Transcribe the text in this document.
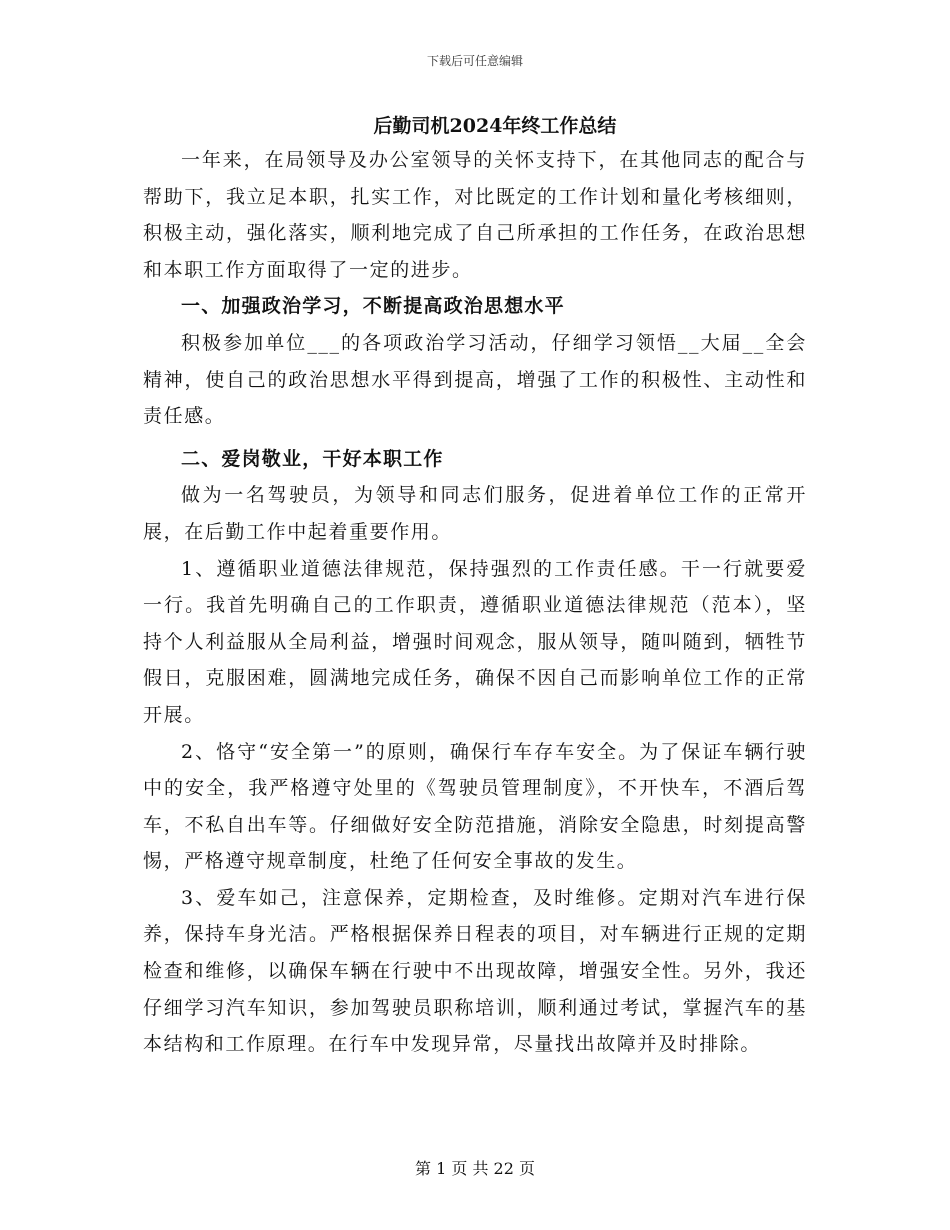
下载后可任意编辑
后勤司机2024年终工作总结

一年来，在局领导及办公室领导的关怀支持下，在其他同志的配合与帮助下，我立足本职，扎实工作，对比既定的工作计划和量化考核细则，积极主动，强化落实，顺利地完成了自己所承担的工作任务，在政治思想和本职工作方面取得了一定的进步。

一、加强政治学习，不断提高政治思想水平

积极参加单位___的各项政治学习活动，仔细学习领悟__大届__全会精神，使自己的政治思想水平得到提高，增强了工作的积极性、主动性和责任感。

二、爱岗敬业，干好本职工作

做为一名驾驶员，为领导和同志们服务，促进着单位工作的正常开展，在后勤工作中起着重要作用。

1、遵循职业道德法律规范，保持强烈的工作责任感。干一行就要爱一行。我首先明确自己的工作职责，遵循职业道德法律规范（范本），坚持个人利益服从全局利益，增强时间观念，服从领导，随叫随到，牺牲节假日，克服困难，圆满地完成任务，确保不因自己而影响单位工作的正常开展。

2、恪守“安全第一”的原则，确保行车存车安全。为了保证车辆行驶中的安全，我严格遵守处里的《驾驶员管理制度》，不开快车，不酒后驾车，不私自出车等。仔细做好安全防范措施，消除安全隐患，时刻提高警惕，严格遵守规章制度，杜绝了任何安全事故的发生。

3、爱车如己，注意保养，定期检查，及时维修。定期对汽车进行保养，保持车身光洁。严格根据保养日程表的项目，对车辆进行正规的定期检查和维修，以确保车辆在行驶中不出现故障，增强安全性。另外，我还仔细学习汽车知识，参加驾驶员职称培训，顺利通过考试，掌握汽车的基本结构和工作原理。在行车中发现异常，尽量找出故障并及时排除。

第 1 页 共 22 页
